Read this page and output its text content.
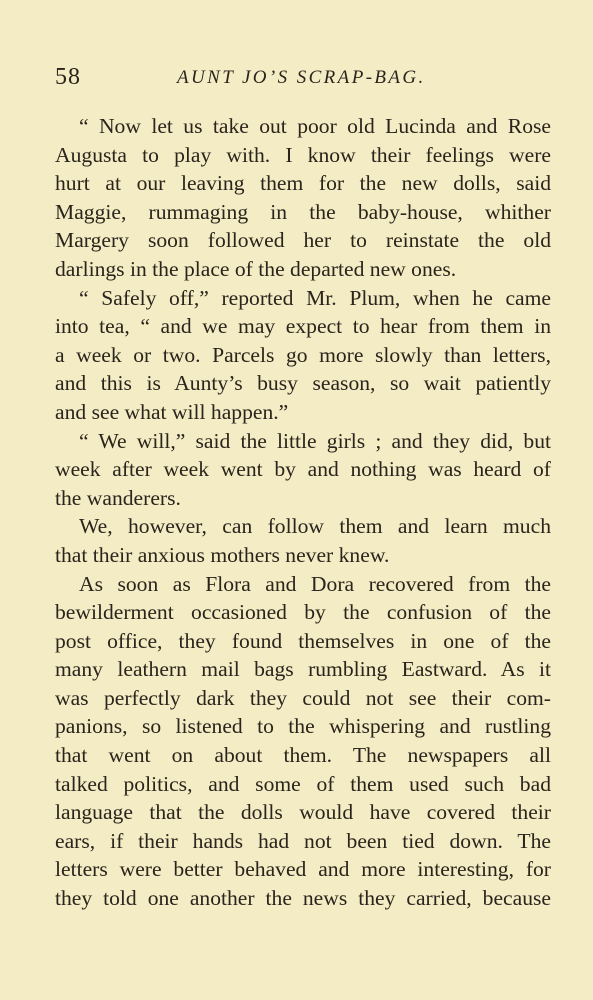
58	AUNT JO’S SCRAP-BAG.
“ Now let us take out poor old Lucinda and Rose
Augusta to play with. I know their feelings were
hurt at our leaving them for the new dolls, said
Maggie, rummaging in the baby-house, whither
Margery soon followed her to reinstate the old
darlings in the place of the departed new ones.
“ Safely off,” reported Mr. Plum, when he came
into tea, “ and we may expect to hear from them in
a week or two. Parcels go more slowly than letters,
and this is Aunty’s busy season, so wait patiently
and see what will happen.”
“ We will,” said the little girls ; and they did, but
week after week went by and nothing was heard of
the wanderers.
We, however, can follow them and learn much
that their anxious mothers never knew.
As soon as Flora and Dora recovered from the
bewilderment occasioned by the confusion of the
post office, they found themselves in one of the
many leathern mail bags rumbling Eastward. As it
was perfectly dark they could not see their com-
panions, so listened to the whispering and rustling
that went on about them. The newspapers all
talked politics, and some of them used such bad
language that the dolls would have covered their
ears, if their hands had not been tied down. The
letters were better behaved and more interesting, for
they told one another the news they carried, because
